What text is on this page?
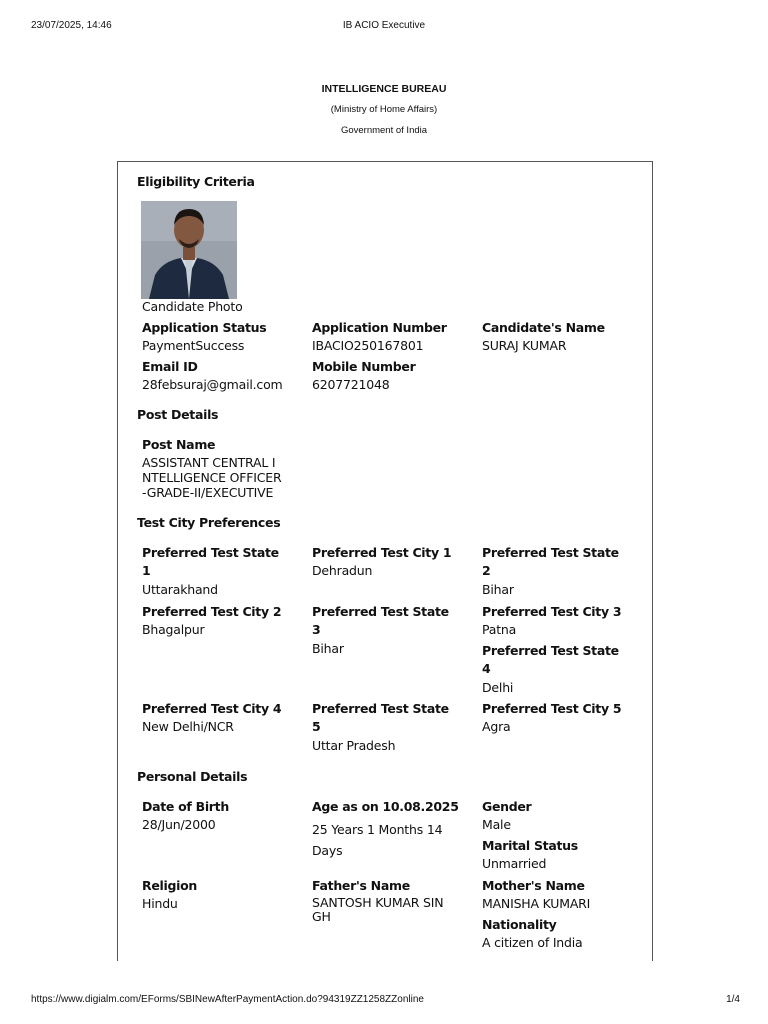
23/07/2025, 14:46	IB ACIO Executive
INTELLIGENCE BUREAU
(Ministry of Home Affairs)
Government of India
Eligibility Criteria
Candidate Photo
Application Status
PaymentSuccess
Application Number
IBACIO250167801
Candidate's Name
SURAJ KUMAR
Email ID
28febsuraj@gmail.com
Mobile Number
6207721048
Post Details
Post Name
ASSISTANT CENTRAL I
NTELLIGENCE OFFICER
-GRADE-II/EXECUTIVE
Test City Preferences
Preferred Test State
1
Uttarakhand
Preferred Test City 1
Dehradun
Preferred Test State
2
Bihar
Preferred Test City 2
Bhagalpur
Preferred Test State
3
Bihar
Preferred Test City 3
Patna
Preferred Test State
4
Delhi
Preferred Test City 4
New Delhi/NCR
Preferred Test State
5
Uttar Pradesh
Preferred Test City 5
Agra
Personal Details
Date of Birth
28/Jun/2000
Age as on 10.08.2025
25 Years 1 Months 14
Days
Gender
Male
Marital Status
Unmarried
Religion
Hindu
Father's Name
SANTOSH KUMAR SIN
GH
Mother's Name
MANISHA KUMARI
Nationality
A citizen of India
https://www.digialm.com/EForms/SBINewAfterPaymentAction.do?94319ZZ1258ZZonline	1/4
